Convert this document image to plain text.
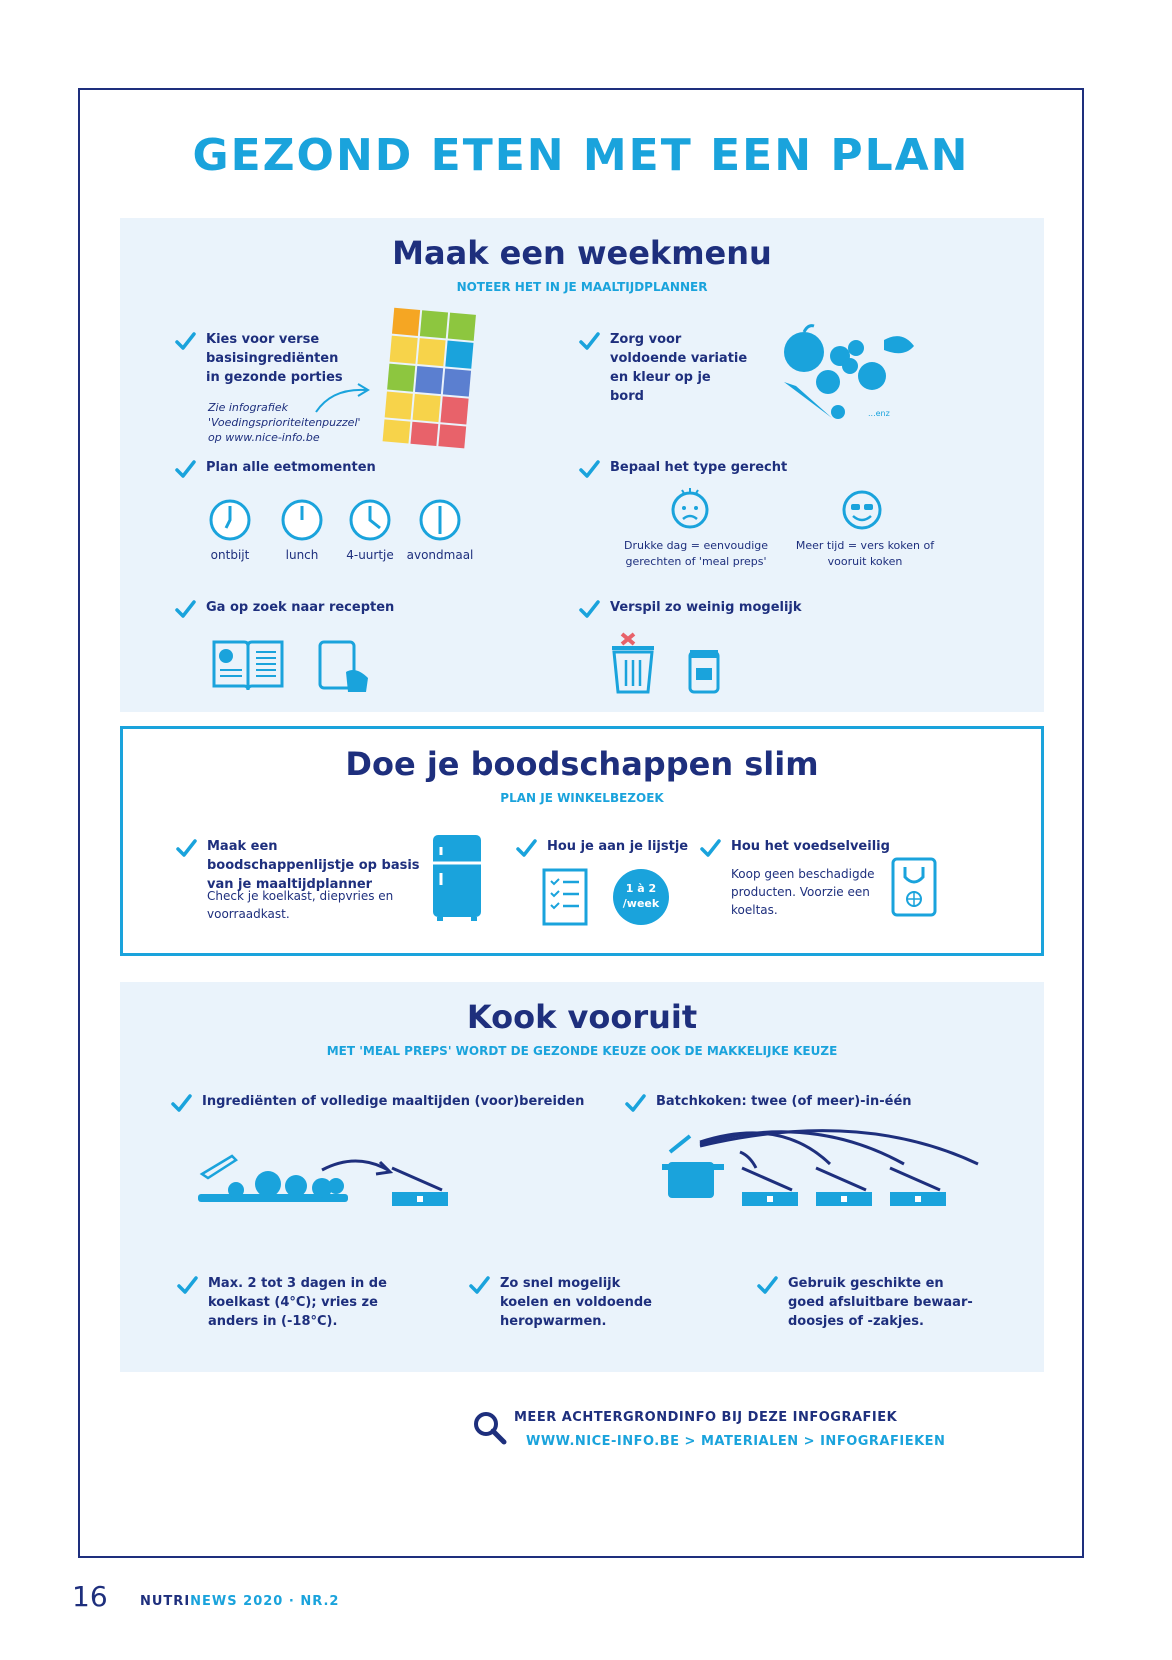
GEZOND ETEN MET EEN PLAN
Maak een weekmenu
NOTEER HET IN JE MAALTIJDPLANNER
Kies voor verse basisingrediënten in gezonde porties
Zie infografiek 'Voedingsprioriteitenpuzzel' op www.nice-info.be
Zorg voor voldoende variatie en kleur op je bord
...enz
Plan alle eetmomenten
ontbijt	lunch	4-uurtje	avondmaal
Bepaal het type gerecht
Drukke dag = eenvoudige gerechten of 'meal preps'
Meer tijd = vers koken of vooruit koken
Ga op zoek naar recepten	Verspil zo weinig mogelijk
Doe je boodschappen slim
PLAN JE WINKELBEZOEK
Maak een boodschappenlijstje op basis van je maaltijdplanner
Check je koelkast, diepvries en voorraadkast.
Hou je aan je lijstje
1 à 2 /week
Hou het voedselveilig
Koop geen beschadigde producten. Voorzie een koeltas.
Kook vooruit
MET 'MEAL PREPS' WORDT DE GEZONDE KEUZE OOK DE MAKKELIJKE KEUZE
Ingrediënten of volledige maaltijden (voor)bereiden	Batchkoken: twee (of meer)-in-één
Max. 2 tot 3 dagen in de koelkast (4°C); vries ze anders in (-18°C).
Zo snel mogelijk koelen en voldoende heropwarmen.
Gebruik geschikte en goed afsluitbare bewaar-doosjes of -zakjes.
MEER ACHTERGRONDINFO BIJ DEZE INFOGRAFIEK
WWW.NICE-INFO.BE > MATERIALEN > INFOGRAFIEKEN
16 NUTRINEWS 2020 · NR.2
